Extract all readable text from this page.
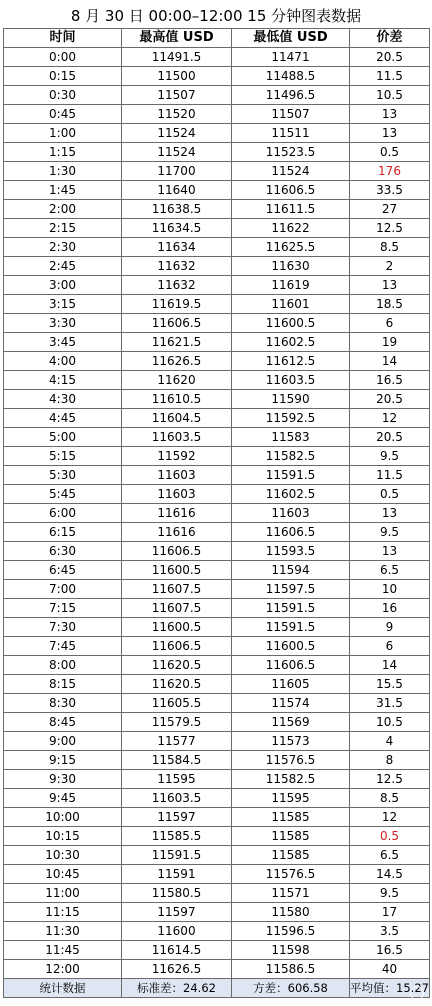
8 月 30 日 00:00–12:00 15 分钟图表数据
时间	最高值 USD	最低值 USD	价差
0:00	11491.5	11471	20.5
0:15	11500	11488.5	11.5
0:30	11507	11496.5	10.5
0:45	11520	11507	13
1:00	11524	11511	13
1:15	11524	11523.5	0.5
1:30	11700	11524	176
1:45	11640	11606.5	33.5
2:00	11638.5	11611.5	27
2:15	11634.5	11622	12.5
2:30	11634	11625.5	8.5
2:45	11632	11630	2
3:00	11632	11619	13
3:15	11619.5	11601	18.5
3:30	11606.5	11600.5	6
3:45	11621.5	11602.5	19
4:00	11626.5	11612.5	14
4:15	11620	11603.5	16.5
4:30	11610.5	11590	20.5
4:45	11604.5	11592.5	12
5:00	11603.5	11583	20.5
5:15	11592	11582.5	9.5
5:30	11603	11591.5	11.5
5:45	11603	11602.5	0.5
6:00	11616	11603	13
6:15	11616	11606.5	9.5
6:30	11606.5	11593.5	13
6:45	11600.5	11594	6.5
7:00	11607.5	11597.5	10
7:15	11607.5	11591.5	16
7:30	11600.5	11591.5	9
7:45	11606.5	11600.5	6
8:00	11620.5	11606.5	14
8:15	11620.5	11605	15.5
8:30	11605.5	11574	31.5
8:45	11579.5	11569	10.5
9:00	11577	11573	4
9:15	11584.5	11576.5	8
9:30	11595	11582.5	12.5
9:45	11603.5	11595	8.5
10:00	11597	11585	12
10:15	11585.5	11585	0.5
10:30	11591.5	11585	6.5
10:45	11591	11576.5	14.5
11:00	11580.5	11571	9.5
11:15	11597	11580	17
11:30	11600	11596.5	3.5
11:45	11614.5	11598	16.5
12:00	11626.5	11586.5	40
统计数据	标准差：24.62	方差：606.58	平均值：15.27
